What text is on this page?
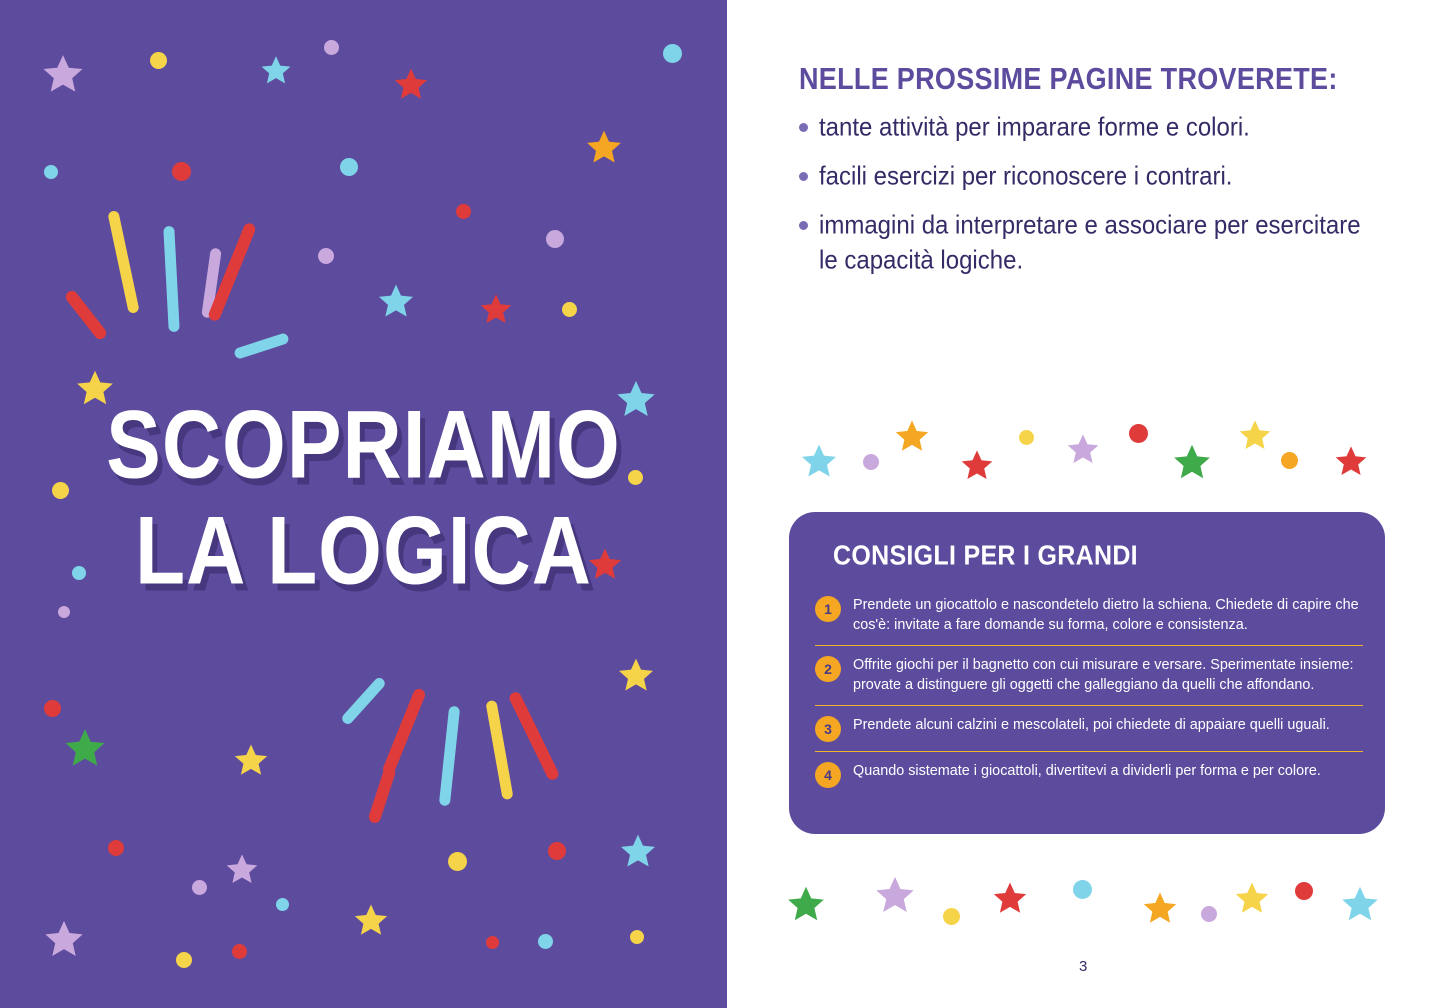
SCOPRIAMO
LA LOGICA
NELLE PROSSIME PAGINE TROVERETE:
tante attività per imparare forme e colori.
facili esercizi per riconoscere i contrari.
immagini da interpretare e associare per esercitare le capacità logiche.
CONSIGLI PER I GRANDI
1	Prendete un giocattolo e nascondetelo dietro la schiena. Chiedete di capire che cos'è: invitate a fare domande su forma, colore e consistenza.
2	Offrite giochi per il bagnetto con cui misurare e versare. Sperimentate insieme: provate a distinguere gli oggetti che galleggiano da quelli che affondano.
3	Prendete alcuni calzini e mescolateli, poi chiedete di appaiare quelli uguali.
4	Quando sistemate i giocattoli, divertitevi a dividerli per forma e per colore.
3
